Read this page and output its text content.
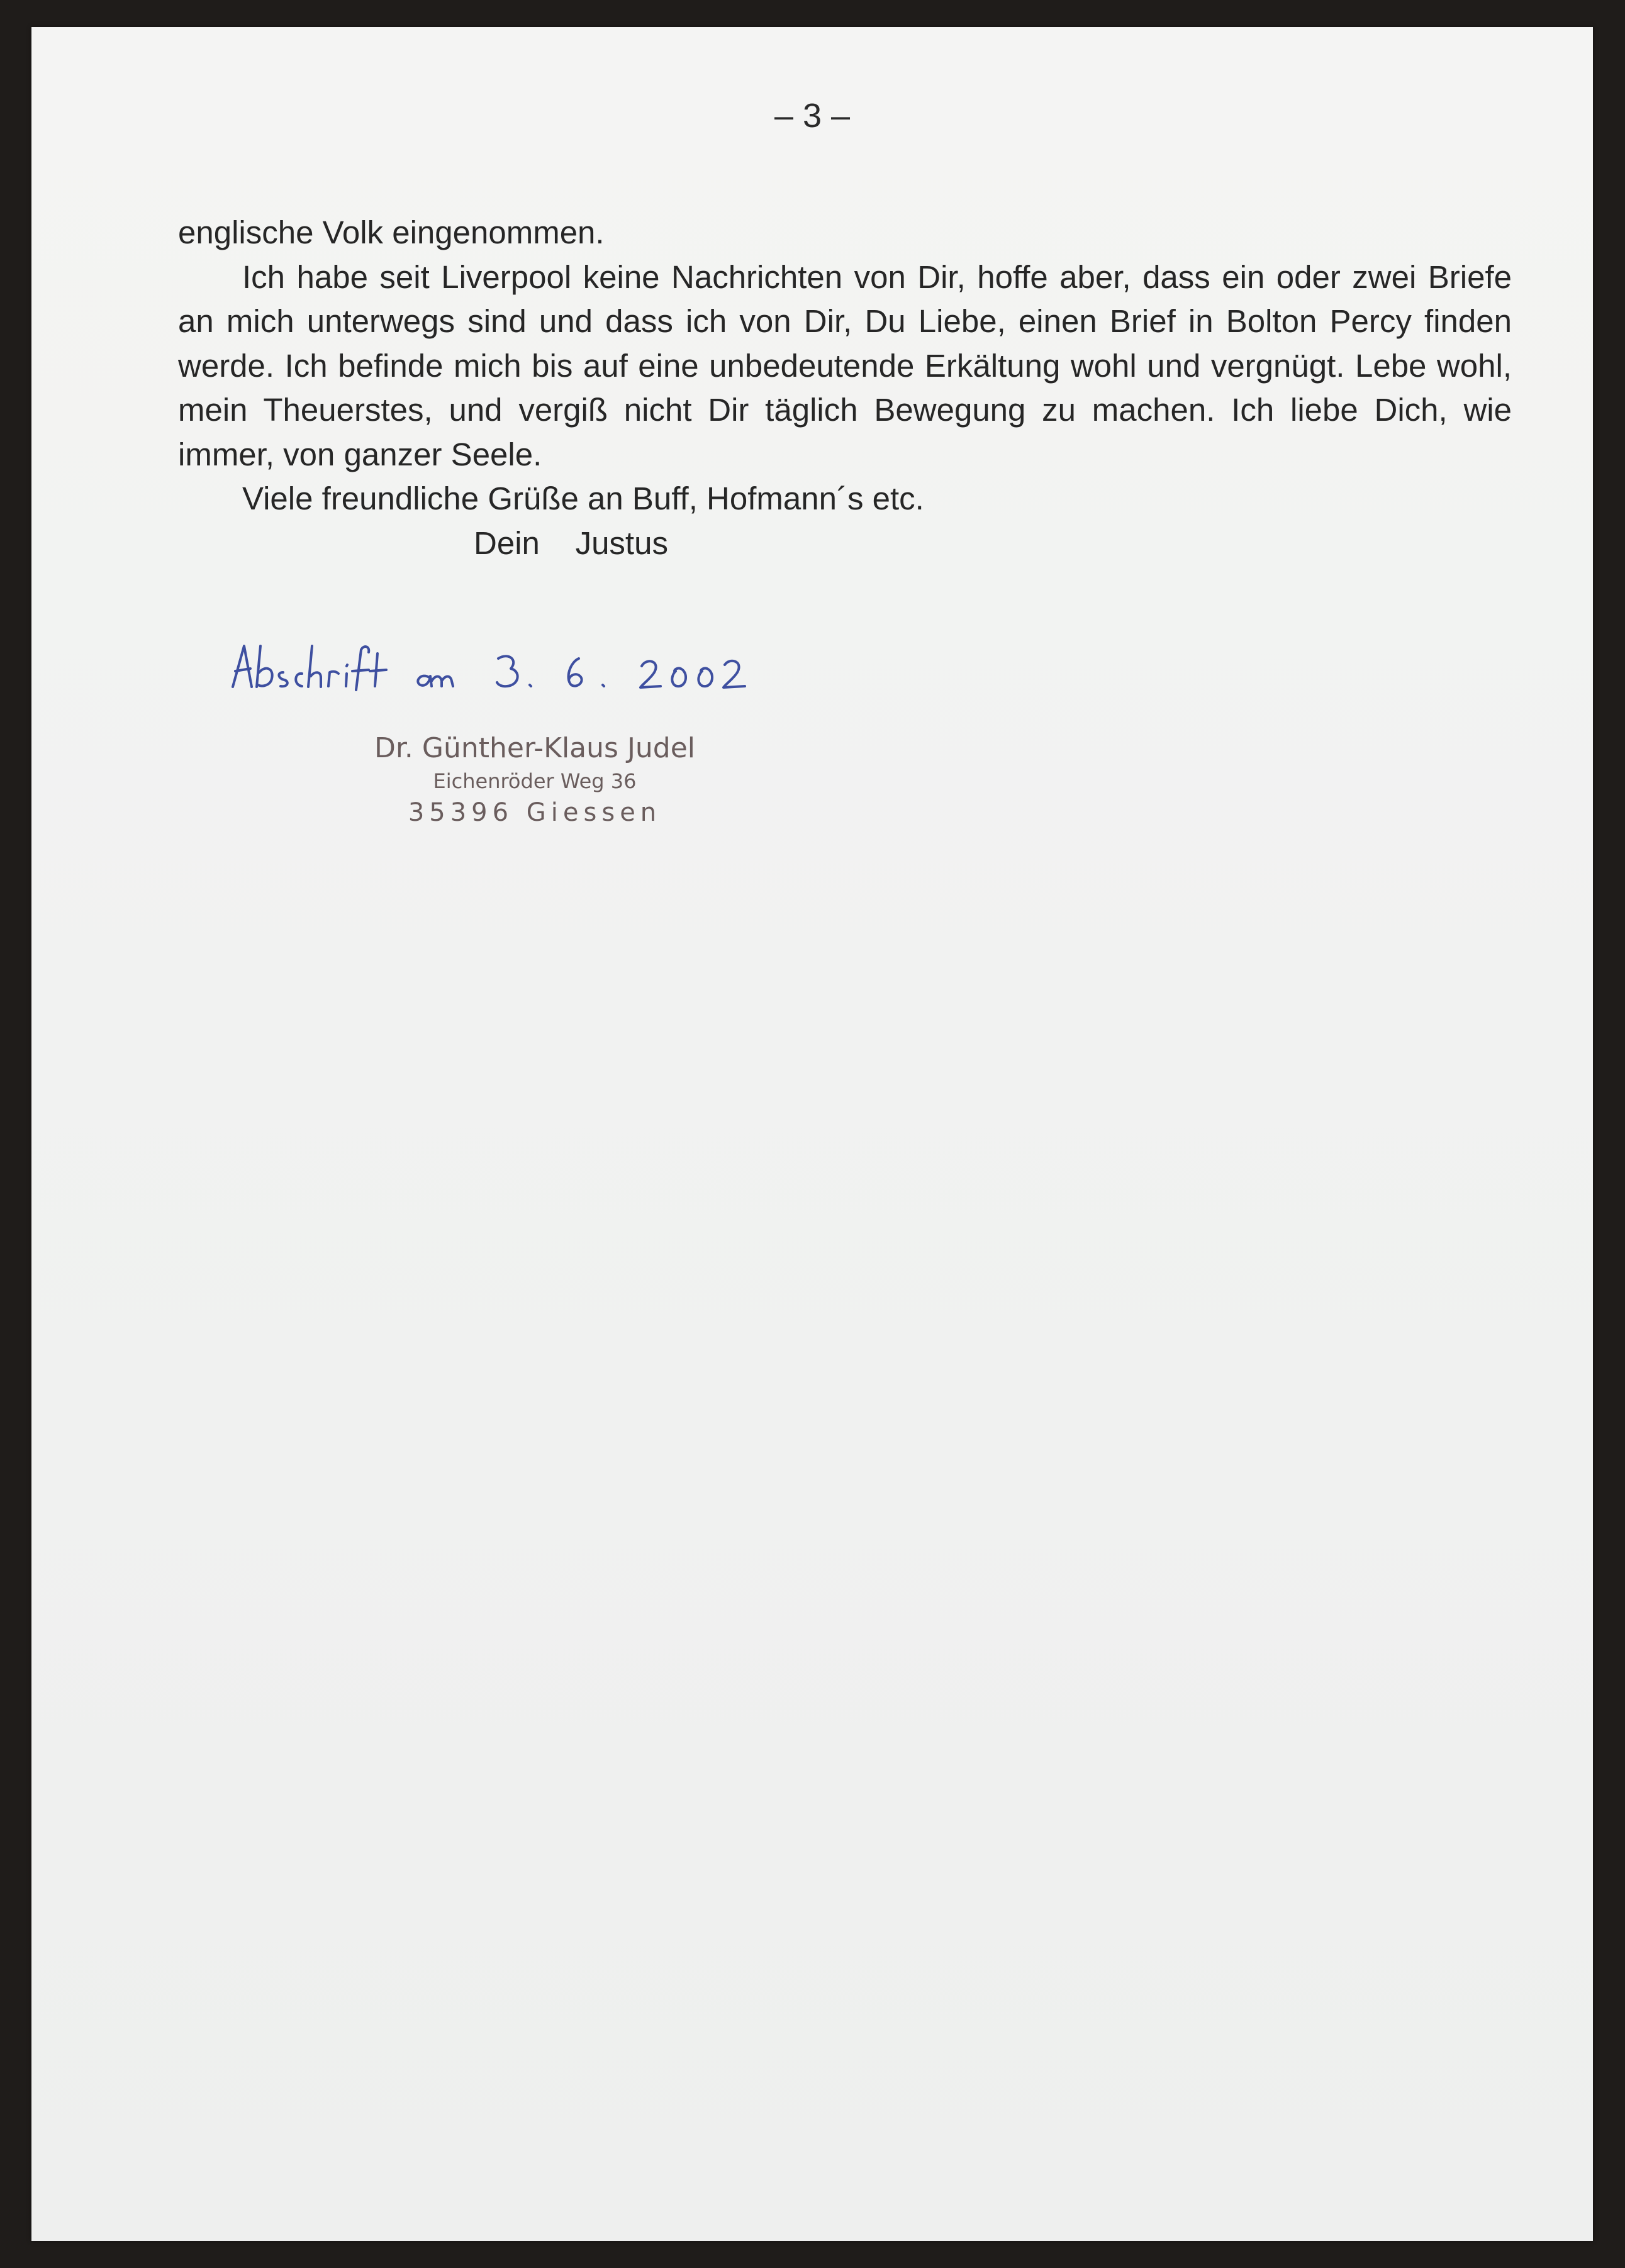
– 3 –

englische Volk eingenommen.

Ich habe seit Liverpool keine Nachrichten von Dir, hoffe aber, dass ein oder zwei Briefe an mich unterwegs sind und dass ich von Dir, Du Liebe, einen Brief in Bolton Percy finden werde. Ich befinde mich bis auf eine unbedeutende Erkältung wohl und vergnügt. Lebe wohl, mein Theuerstes, und vergiß nicht Dir täglich Bewegung zu machen. Ich liebe Dich, wie immer, von ganzer Seele.

Viele freundliche Grüße an Buff, Hofmann´s etc.

Dein    Justus

Dr. Günther-Klaus Judel
Eichenröder Weg 36
35396 Giessen
